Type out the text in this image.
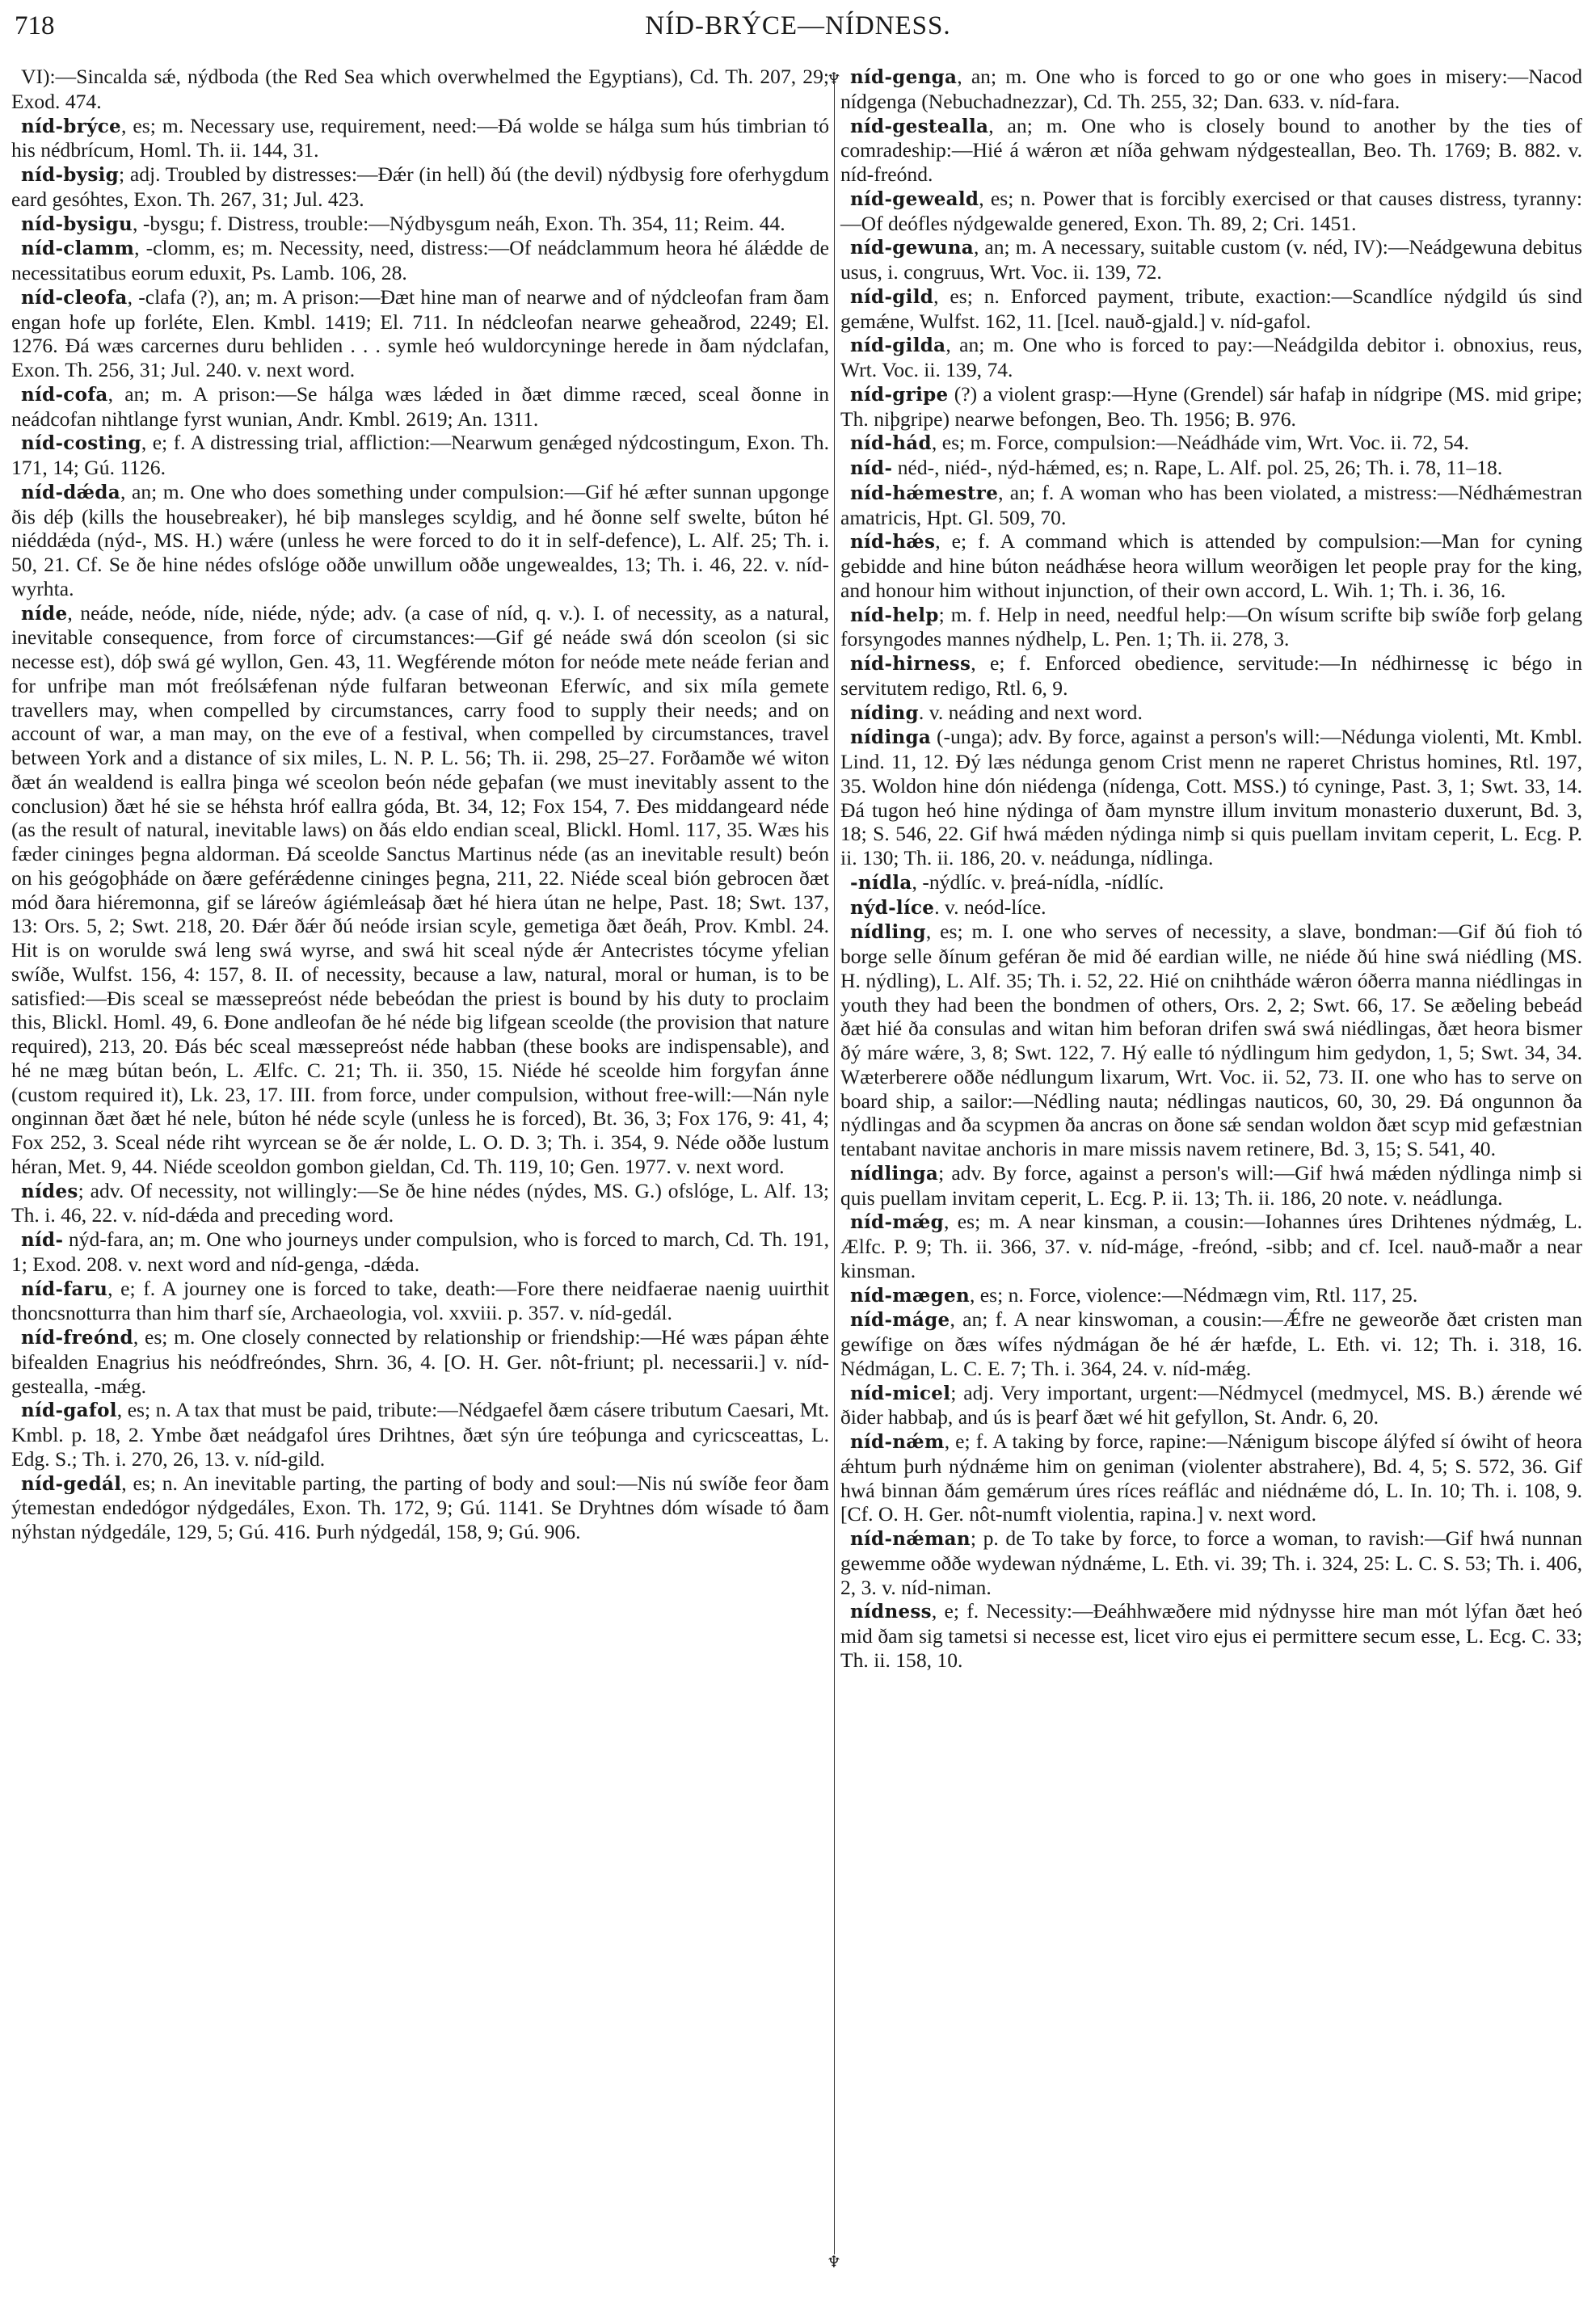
NÍD-BRÝCE—NÍDNESS.
718
♆
♆

VI):—Sincalda sǽ, nýdboda (the Red Sea which overwhelmed the Egyptians), Cd. Th. 207, 29; Exod. 474.

níd-brýce, es; m. Necessary use, requirement, need:—Ðá wolde se hálga sum hús timbrian tó his nédbrícum, Homl. Th. ii. 144, 31.

níd-bysig; adj. Troubled by distresses:—Ðǽr (in hell) ðú (the devil) nýdbysig fore oferhygdum eard gesóhtes, Exon. Th. 267, 31; Jul. 423.

níd-bysigu, -bysgu; f. Distress, trouble:—Nýdbysgum neáh, Exon. Th. 354, 11; Reim. 44.

níd-clamm, -clomm, es; m. Necessity, need, distress:—Of neádclammum heora hé álǽdde de necessitatibus eorum eduxit, Ps. Lamb. 106, 28.

níd-cleofa, -clafa (?), an; m. A prison:—Ðæt hine man of nearwe and of nýdcleofan fram ðam engan hofe up forléte, Elen. Kmbl. 1419; El. 711. In nédcleofan nearwe geheaðrod, 2249; El. 1276. Ðá wæs carcernes duru behliden . . . symle heó wuldorcyninge herede in ðam nýdclafan, Exon. Th. 256, 31; Jul. 240. v. next word.

níd-cofa, an; m. A prison:—Se hálga wæs lǽded in ðæt dimme ræced, sceal ðonne in neádcofan nihtlange fyrst wunian, Andr. Kmbl. 2619; An. 1311.

níd-costing, e; f. A distressing trial, affliction:—Nearwum genǽged nýdcostingum, Exon. Th. 171, 14; Gú. 1126.

níd-dǽda, an; m. One who does something under compulsion:—Gif hé æfter sunnan upgonge ðis déþ (kills the housebreaker), hé biþ mansleges scyldig, and hé ðonne self swelte, búton hé niéddǽda (nýd-, MS. H.) wǽre (unless he were forced to do it in self-defence), L. Alf. 25; Th. i. 50, 21. Cf. Se ðe hine nédes ofslóge oððe unwillum oððe ungewealdes, 13; Th. i. 46, 22. v. níd-wyrhta.

níde, neáde, neóde, níde, niéde, nýde; adv. (a case of níd, q. v.). I. of necessity, as a natural, inevitable consequence, from force of circumstances:—Gif gé neáde swá dón sceolon (si sic necesse est), dóþ swá gé wyllon, Gen. 43, 11. Wegférende móton for neóde mete neáde ferian and for unfriþe man mót freólsǽfenan nýde fulfaran betweonan Eferwíc, and six míla gemete travellers may, when compelled by circumstances, carry food to supply their needs; and on account of war, a man may, on the eve of a festival, when compelled by circumstances, travel between York and a distance of six miles, L. N. P. L. 56; Th. ii. 298, 25–27. Forðamðe wé witon ðæt án wealdend is eallra þinga wé sceolon beón néde geþafan (we must inevitably assent to the conclusion) ðæt hé sie se héhsta hróf eallra góda, Bt. 34, 12; Fox 154, 7. Ðes middangeard néde (as the result of natural, inevitable laws) on ðás eldo endian sceal, Blickl. Homl. 117, 35. Wæs his fæder cininges þegna aldorman. Ðá sceolde Sanctus Martinus néde (as an inevitable result) beón on his geógoþháde on ðære geférǽdenne cininges þegna, 211, 22. Niéde sceal bión gebrocen ðæt mód ðara hiéremonna, gif se láreów ágiémleásaþ ðæt hé hiera útan ne helpe, Past. 18; Swt. 137, 13: Ors. 5, 2; Swt. 218, 20. Ðǽr ðǽr ðú neóde irsian scyle, gemetiga ðæt ðeáh, Prov. Kmbl. 24. Hit is on worulde swá leng swá wyrse, and swá hit sceal nýde ǽr Antecristes tócyme yfelian swíðe, Wulfst. 156, 4: 157, 8. II. of necessity, because a law, natural, moral or human, is to be satisfied:—Ðis sceal se mæssepreóst néde bebeódan the priest is bound by his duty to proclaim this, Blickl. Homl. 49, 6. Ðone andleofan ðe hé néde big lifgean sceolde (the provision that nature required), 213, 20. Ðás béc sceal mæssepreóst néde habban (these books are indispensable), and hé ne mæg bútan beón, L. Ælfc. C. 21; Th. ii. 350, 15. Niéde hé sceolde him forgyfan ánne (custom required it), Lk. 23, 17. III. from force, under compulsion, without free-will:—Nán nyle onginnan ðæt ðæt hé nele, búton hé néde scyle (unless he is forced), Bt. 36, 3; Fox 176, 9: 41, 4; Fox 252, 3. Sceal néde riht wyrcean se ðe ǽr nolde, L. O. D. 3; Th. i. 354, 9. Néde oððe lustum héran, Met. 9, 44. Niéde sceoldon gombon gieldan, Cd. Th. 119, 10; Gen. 1977. v. next word.

nídes; adv. Of necessity, not willingly:—Se ðe hine nédes (nýdes, MS. G.) ofslóge, L. Alf. 13; Th. i. 46, 22. v. níd-dǽda and preceding word.

níd- nýd-fara, an; m. One who journeys under compulsion, who is forced to march, Cd. Th. 191, 1; Exod. 208. v. next word and níd-genga, -dǽda.

níd-faru, e; f. A journey one is forced to take, death:—Fore there neidfaerae naenig uuirthit thoncsnotturra than him tharf síe, Archaeologia, vol. xxviii. p. 357. v. níd-gedál.

níd-freónd, es; m. One closely connected by relationship or friendship:—Hé wæs pápan ǽhte bifealden Enagrius his neódfreóndes, Shrn. 36, 4. [O. H. Ger. nôt-friunt; pl. necessarii.] v. níd-gestealla, -mǽg.

níd-gafol, es; n. A tax that must be paid, tribute:—Nédgaefel ðæm cásere tributum Caesari, Mt. Kmbl. p. 18, 2. Ymbe ðæt neádgafol úres Drihtnes, ðæt sýn úre teóþunga and cyricsceattas, L. Edg. S.; Th. i. 270, 26, 13. v. níd-gild.

níd-gedál, es; n. An inevitable parting, the parting of body and soul:—Nis nú swíðe feor ðam ýtemestan endedógor nýdgedáles, Exon. Th. 172, 9; Gú. 1141. Se Dryhtnes dóm wísade tó ðam nýhstan nýdgedále, 129, 5; Gú. 416. Þurh nýdgedál, 158, 9; Gú. 906.

níd-genga, an; m. One who is forced to go or one who goes in misery:—Nacod nídgenga (Nebuchadnezzar), Cd. Th. 255, 32; Dan. 633. v. níd-fara.

níd-gestealla, an; m. One who is closely bound to another by the ties of comradeship:—Hié á wǽron æt níða gehwam nýdgesteallan, Beo. Th. 1769; B. 882. v. níd-freónd.

níd-geweald, es; n. Power that is forcibly exercised or that causes distress, tyranny:—Of deófles nýdgewalde genered, Exon. Th. 89, 2; Cri. 1451.

níd-gewuna, an; m. A necessary, suitable custom (v. néd, IV):—Neádgewuna debitus usus, i. congruus, Wrt. Voc. ii. 139, 72.

níd-gild, es; n. Enforced payment, tribute, exaction:—Scandlíce nýdgild ús sind gemǽne, Wulfst. 162, 11. [Icel. nauð-gjald.] v. níd-gafol.

níd-gilda, an; m. One who is forced to pay:—Neádgilda debitor i. obnoxius, reus, Wrt. Voc. ii. 139, 74.

níd-gripe (?) a violent grasp:—Hyne (Grendel) sár hafaþ in nídgripe (MS. mid gripe; Th. niþgripe) nearwe befongen, Beo. Th. 1956; B. 976.

níd-hád, es; m. Force, compulsion:—Neádháde vim, Wrt. Voc. ii. 72, 54.

níd- néd-, niéd-, nýd-hǽmed, es; n. Rape, L. Alf. pol. 25, 26; Th. i. 78, 11–18.

níd-hǽmestre, an; f. A woman who has been violated, a mistress:—Nédhǽmestran amatricis, Hpt. Gl. 509, 70.

níd-hǽs, e; f. A command which is attended by compulsion:—Man for cyning gebidde and hine búton neádhǽse heora willum weorðigen let people pray for the king, and honour him without injunction, of their own accord, L. Wih. 1; Th. i. 36, 16.

níd-help; m. f. Help in need, needful help:—On wísum scrifte biþ swíðe forþ gelang forsyngodes mannes nýdhelp, L. Pen. 1; Th. ii. 278, 3.

níd-hirness, e; f. Enforced obedience, servitude:—In nédhirnessę ic bégo in servitutem redigo, Rtl. 6, 9.

níding. v. neáding and next word.

nídinga (-unga); adv. By force, against a person's will:—Nédunga violenti, Mt. Kmbl. Lind. 11, 12. Ðý læs nédunga genom Crist menn ne raperet Christus homines, Rtl. 197, 35. Woldon hine dón niédenga (nídenga, Cott. MSS.) tó cyninge, Past. 3, 1; Swt. 33, 14. Ðá tugon heó hine nýdinga of ðam mynstre illum invitum monasterio duxerunt, Bd. 3, 18; S. 546, 22. Gif hwá mǽden nýdinga nimþ si quis puellam invitam ceperit, L. Ecg. P. ii. 130; Th. ii. 186, 20. v. neádunga, nídlinga.

-nídla, -nýdlíc. v. þreá-nídla, -nídlíc.

nýd-líce. v. neód-líce.

nídling, es; m. I. one who serves of necessity, a slave, bondman:—Gif ðú fioh tó borge selle ðínum geféran ðe mid ðé eardian wille, ne niéde ðú hine swá niédling (MS. H. nýdling), L. Alf. 35; Th. i. 52, 22. Hié on cnihtháde wǽron óðerra manna niédlingas in youth they had been the bondmen of others, Ors. 2, 2; Swt. 66, 17. Se æðeling bebeád ðæt hié ða consulas and witan him beforan drifen swá swá niédlingas, ðæt heora bismer ðý máre wǽre, 3, 8; Swt. 122, 7. Hý ealle tó nýdlingum him gedydon, 1, 5; Swt. 34, 34. Wæterberere oððe nédlungum lixarum, Wrt. Voc. ii. 52, 73. II. one who has to serve on board ship, a sailor:—Nédling nauta; nédlingas nauticos, 60, 30, 29. Ðá ongunnon ða nýdlingas and ða scypmen ða ancras on ðone sǽ sendan woldon ðæt scyp mid gefæstnian tentabant navitae anchoris in mare missis navem retinere, Bd. 3, 15; S. 541, 40.

nídlinga; adv. By force, against a person's will:—Gif hwá mǽden nýdlinga nimþ si quis puellam invitam ceperit, L. Ecg. P. ii. 13; Th. ii. 186, 20 note. v. neádlunga.

níd-mǽg, es; m. A near kinsman, a cousin:—Iohannes úres Drihtenes nýdmǽg, L. Ælfc. P. 9; Th. ii. 366, 37. v. níd-máge, -freónd, -sibb; and cf. Icel. nauð-maðr a near kinsman.

níd-mægen, es; n. Force, violence:—Nédmægn vim, Rtl. 117, 25.

níd-máge, an; f. A near kinswoman, a cousin:—Ǽfre ne geweorðe ðæt cristen man gewífige on ðæs wífes nýdmágan ðe hé ǽr hæfde, L. Eth. vi. 12; Th. i. 318, 16. Nédmágan, L. C. E. 7; Th. i. 364, 24. v. níd-mǽg.

níd-micel; adj. Very important, urgent:—Nédmycel (medmycel, MS. B.) ǽrende wé ðider habbaþ, and ús is þearf ðæt wé hit gefyllon, St. Andr. 6, 20.

níd-nǽm, e; f. A taking by force, rapine:—Nǽnigum biscope álýfed sí ówiht of heora ǽhtum þurh nýdnǽme him on geniman (violenter abstrahere), Bd. 4, 5; S. 572, 36. Gif hwá binnan ðám gemǽrum úres ríces reáflác and niédnǽme dó, L. In. 10; Th. i. 108, 9. [Cf. O. H. Ger. nôt-numft violentia, rapina.] v. next word.

níd-nǽman; p. de To take by force, to force a woman, to ravish:—Gif hwá nunnan gewemme oððe wydewan nýdnǽme, L. Eth. vi. 39; Th. i. 324, 25: L. C. S. 53; Th. i. 406, 2, 3. v. níd-niman.

nídness, e; f. Necessity:—Ðeáhhwæðere mid nýdnysse hire man mót lýfan ðæt heó mid ðam sig tametsi si necesse est, licet viro ejus ei permittere secum esse, L. Ecg. C. 33; Th. ii. 158, 10.
